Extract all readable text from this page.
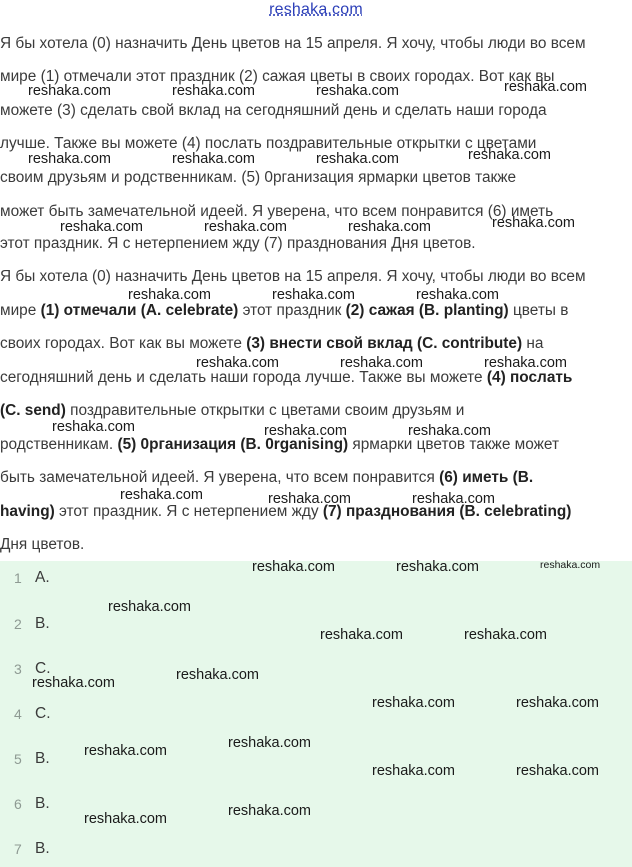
reshaka.com
Я бы хотела (0) назначить День цветов на 15 апреля. Я хочу, чтобы люди во всем
мире (1) отмечали этот праздник (2) сажая цветы в своих городах. Вот как вы
можете (3) сделать свой вклад на сегодняшний день и сделать наши города
лучше. Также вы можете (4) послать поздравительные открытки с цветами
своим друзьям и родственникам. (5) 0рганизация ярмарки цветов также
может быть замечательной идеей. Я уверена, что всем понравится (6) иметь
этот праздник. Я с нетерпением жду (7) празднования Дня цветов.
Я бы хотела (0) назначить День цветов на 15 апреля. Я хочу, чтобы люди во всем
мире (1) отмечали (A. celebrate) этот праздник (2) сажая (B. planting) цветы в
своих городах. Вот как вы можете (3) внести свой вклад (C. contribute) на
сегодняшний день и сделать наши города лучше. Также вы можете (4) послать
(C. send) поздравительные открытки с цветами своим друзьям и
родственникам. (5) 0рганизация (B. 0rganising) ярмарки цветов также может
быть замечательной идеей. Я уверена, что всем понравится (6) иметь (B.
having) этот праздник. Я с нетерпением жду (7) празднования (B. celebrating)
Дня цветов.
1 A.
2 B.
3 C.
4 C.
5 B.
6 B.
7 B.
reshaka.com	reshaka.com	reshaka.com	reshaka.com
reshaka.com	reshaka.com	reshaka.com	reshaka.com
reshaka.com	reshaka.com	reshaka.com	reshaka.com
reshaka.com	reshaka.com	reshaka.com
reshaka.com	reshaka.com	reshaka.com
reshaka.com	reshaka.com	reshaka.com
reshaka.com	reshaka.com	reshaka.com
reshaka.com	reshaka.com	reshaka.com
reshaka.com
reshaka.com	reshaka.com
reshaka.com	reshaka.com
reshaka.com	reshaka.com
reshaka.com	reshaka.com
reshaka.com	reshaka.com
reshaka.com	reshaka.com
